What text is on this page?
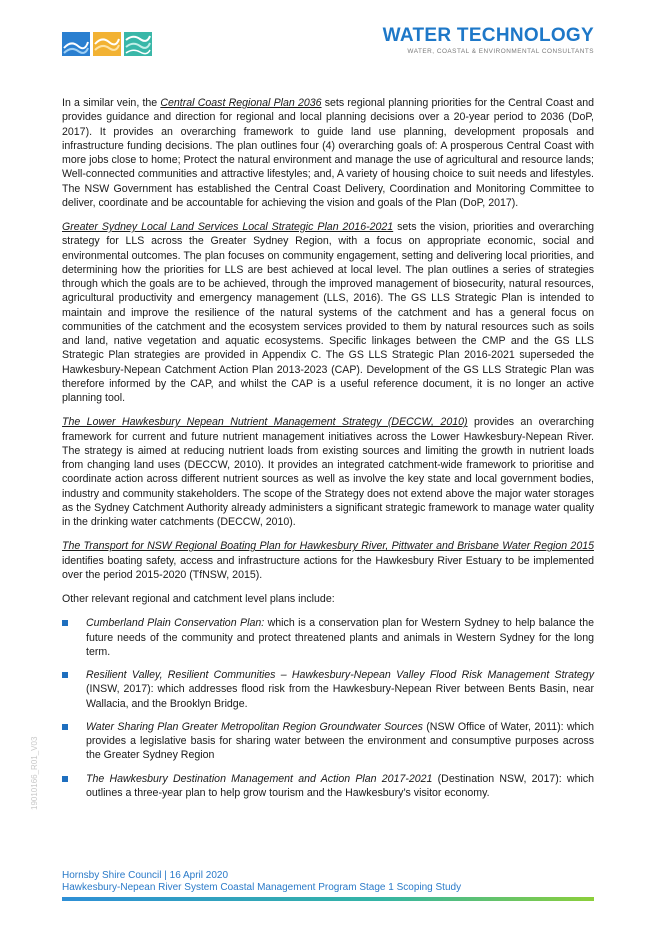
WATER TECHNOLOGY
WATER, COASTAL & ENVIRONMENTAL CONSULTANTS
19010166_R01_V03

In a similar vein, the Central Coast Regional Plan 2036 sets regional planning priorities for the Central Coast and provides guidance and direction for regional and local planning decisions over a 20-year period to 2036 (DoP, 2017). It provides an overarching framework to guide land use planning, development proposals and infrastructure funding decisions. The plan outlines four (4) overarching goals of: A prosperous Central Coast with more jobs close to home; Protect the natural environment and manage the use of agricultural and resource lands; Well-connected communities and attractive lifestyles; and, A variety of housing choice to suit needs and lifestyles. The NSW Government has established the Central Coast Delivery, Coordination and Monitoring Committee to deliver, coordinate and be accountable for achieving the vision and goals of the Plan (DoP, 2017).

Greater Sydney Local Land Services Local Strategic Plan 2016-2021 sets the vision, priorities and overarching strategy for LLS across the Greater Sydney Region, with a focus on appropriate economic, social and environmental outcomes. The plan focuses on community engagement, setting and delivering local priorities, and determining how the priorities for LLS are best achieved at local level. The plan outlines a series of strategies through which the goals are to be achieved, through the improved management of biosecurity, natural resources, agricultural productivity and emergency management (LLS, 2016). The GS LLS Strategic Plan is intended to maintain and improve the resilience of the natural systems of the catchment and has a general focus on communities of the catchment and the ecosystem services provided to them by natural resources such as soils and land, native vegetation and aquatic ecosystems. Specific linkages between the CMP and the GS LLS Strategic Plan strategies are provided in Appendix C. The GS LLS Strategic Plan 2016-2021 superseded the Hawkesbury-Nepean Catchment Action Plan 2013-2023 (CAP). Development of the GS LLS Strategic Plan was therefore informed by the CAP, and whilst the CAP is a useful reference document, it is no longer an active planning tool.

The Lower Hawkesbury Nepean Nutrient Management Strategy (DECCW, 2010) provides an overarching framework for current and future nutrient management initiatives across the Lower Hawkesbury-Nepean River. The strategy is aimed at reducing nutrient loads from existing sources and limiting the growth in nutrient loads from changing land uses (DECCW, 2010). It provides an integrated catchment-wide framework to prioritise and coordinate action across different nutrient sources as well as involve the key state and local government bodies, industry and community stakeholders. The scope of the Strategy does not extend above the major water storages as the Sydney Catchment Authority already administers a significant strategic framework to manage water quality in the drinking water catchments (DECCW, 2010).

The Transport for NSW Regional Boating Plan for Hawkesbury River, Pittwater and Brisbane Water Region 2015 identifies boating safety, access and infrastructure actions for the Hawkesbury River Estuary to be implemented over the period 2015-2020 (TfNSW, 2015).

Other relevant regional and catchment level plans include:

Cumberland Plain Conservation Plan: which is a conservation plan for Western Sydney to help balance the future needs of the community and protect threatened plants and animals in Western Sydney for the long term.
Resilient Valley, Resilient Communities – Hawkesbury-Nepean Valley Flood Risk Management Strategy (INSW, 2017): which addresses flood risk from the Hawkesbury-Nepean River between Bents Basin, near Wallacia, and the Brooklyn Bridge.
Water Sharing Plan Greater Metropolitan Region Groundwater Sources (NSW Office of Water, 2011): which provides a legislative basis for sharing water between the environment and consumptive purposes across the Greater Sydney Region
The Hawkesbury Destination Management and Action Plan 2017-2021 (Destination NSW, 2017): which outlines a three-year plan to help grow tourism and the Hawkesbury’s visitor economy.
Hornsby Shire Council | 16 April 2020
Hawkesbury-Nepean River System Coastal Management Program Stage 1 Scoping Study
